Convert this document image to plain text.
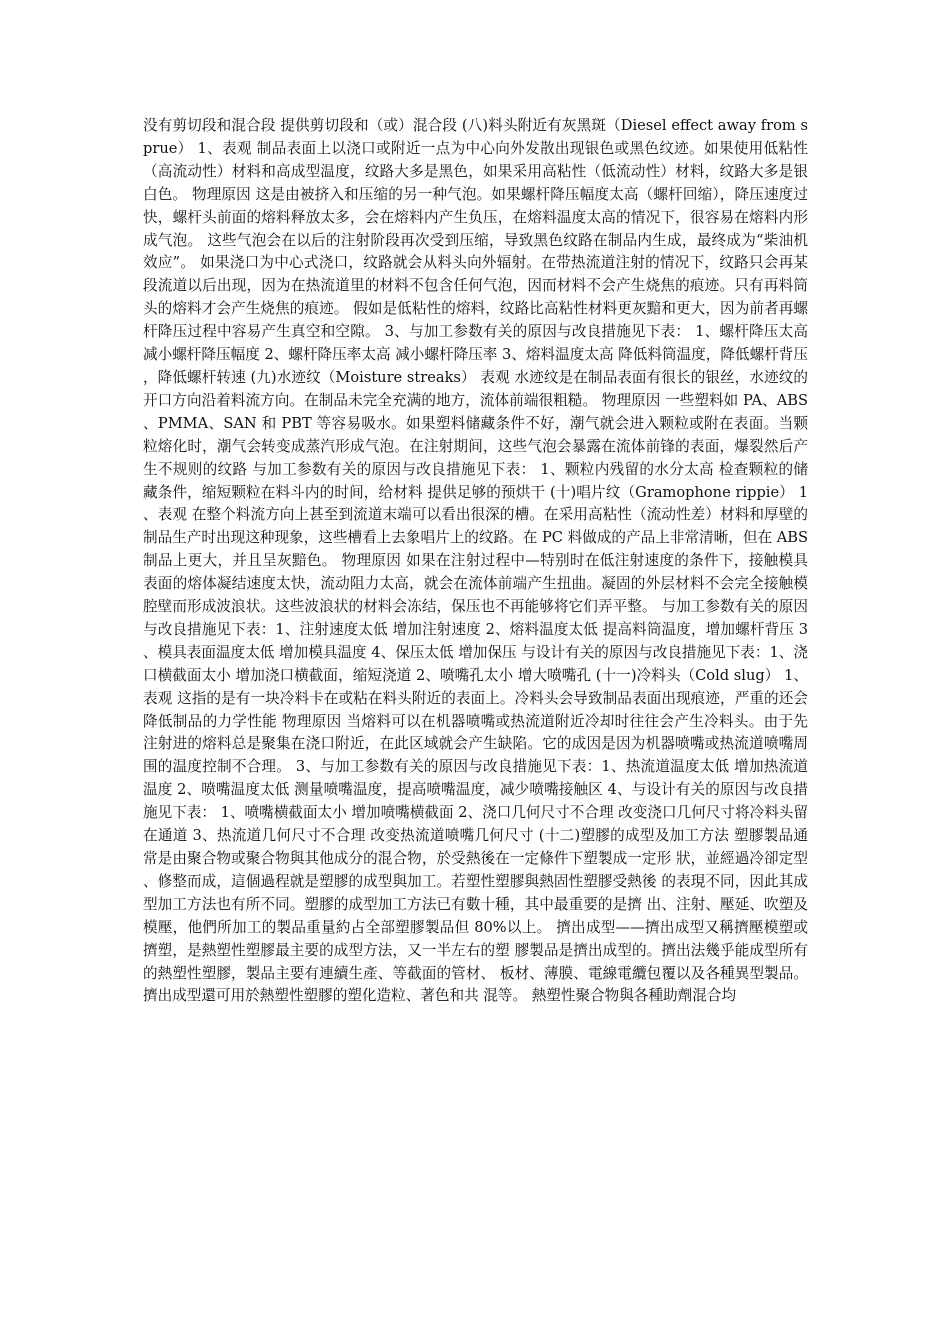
没有剪切段和混合段 提供剪切段和（或）混合段 (八)料头附近有灰黑斑（Diesel effect away from sprue） 1、表观 制品表面上以浇口或附近一点为中心向外发散出现银色或黑色纹迹。如果使用低粘性（高流动性）材料和高成型温度，纹路大多是黑色，如果采用高粘性（低流动性）材料，纹路大多是银白色。 物理原因 这是由被挤入和压缩的另一种气泡。如果螺杆降压幅度太高（螺杆回缩），降压速度过快，螺杆头前面的熔料释放太多，会在熔料内产生负压，在熔料温度太高的情况下，很容易在熔料内形成气泡。 这些气泡会在以后的注射阶段再次受到压缩，导致黑色纹路在制品内生成，最终成为“柴油机效应”。 如果浇口为中心式浇口，纹路就会从料头向外辐射。在带热流道注射的情况下，纹路只会再某段流道以后出现，因为在热流道里的材料不包含任何气泡，因而材料不会产生烧焦的痕迹。只有再料筒头的熔料才会产生烧焦的痕迹。 假如是低粘性的熔料，纹路比高粘性材料更灰黯和更大，因为前者再螺杆降压过程中容易产生真空和空隙。 3、与加工参数有关的原因与改良措施见下表： 1、螺杆降压太高 减小螺杆降压幅度 2、螺杆降压率太高 减小螺杆降压率 3、熔料温度太高 降低料筒温度，降低螺杆背压，降低螺杆转速 (九)水迹纹（Moisture streaks） 表观 水迹纹是在制品表面有很长的银丝，水迹纹的开口方向沿着料流方向。在制品未完全充满的地方，流体前端很粗糙。 物理原因 一些塑料如 PA、ABS、PMMA、SAN 和 PBT 等容易吸水。如果塑料储藏条件不好，潮气就会进入颗粒或附在表面。当颗粒熔化时，潮气会转变成蒸汽形成气泡。在注射期间，这些气泡会暴露在流体前锋的表面，爆裂然后产生不规则的纹路 与加工参数有关的原因与改良措施见下表： 1、颗粒内残留的水分太高 检查颗粒的储藏条件，缩短颗粒在料斗内的时间，给材料 提供足够的预烘干 (十)唱片纹（Gramophone rippie） 1、表观 在整个料流方向上甚至到流道末端可以看出很深的槽。在采用高粘性（流动性差）材料和厚壁的制品生产时出现这种现象，这些槽看上去象唱片上的纹路。在 PC 料做成的产品上非常清晰，但在 ABS 制品上更大，并且呈灰黯色。 物理原因 如果在注射过程中—特别时在低注射速度的条件下，接触模具表面的熔体凝结速度太快，流动阻力太高，就会在流体前端产生扭曲。凝固的外层材料不会完全接触模腔壁而形成波浪状。这些波浪状的材料会冻结，保压也不再能够将它们弄平整。 与加工参数有关的原因与改良措施见下表：1、注射速度太低 增加注射速度 2、熔料温度太低 提高料筒温度，增加螺杆背压 3、模具表面温度太低 增加模具温度 4、保压太低 增加保压 与设计有关的原因与改良措施见下表：1、浇口横截面太小 增加浇口横截面，缩短浇道 2、喷嘴孔太小 增大喷嘴孔 (十一)冷料头（Cold slug） 1、表观 这指的是有一块冷料卡在或粘在料头附近的表面上。冷料头会导致制品表面出现痕迹，严重的还会降低制品的力学性能 物理原因 当熔料可以在机器喷嘴或热流道附近冷却时往往会产生冷料头。由于先注射进的熔料总是聚集在浇口附近，在此区域就会产生缺陷。它的成因是因为机器喷嘴或热流道喷嘴周围的温度控制不合理。 3、与加工参数有关的原因与改良措施见下表：1、热流道温度太低 增加热流道温度 2、喷嘴温度太低 测量喷嘴温度，提高喷嘴温度，减少喷嘴接触区 4、与设计有关的原因与改良措施见下表： 1、喷嘴横截面太小 增加喷嘴横截面 2、浇口几何尺寸不合理 改变浇口几何尺寸将冷料头留在通道 3、热流道几何尺寸不合理 改变热流道喷嘴几何尺寸 (十二)塑膠的成型及加工方法 塑膠製品通常是由聚合物或聚合物與其他成分的混合物，於受熱後在一定條件下塑製成一定形 狀，並經過冷卻定型、修整而成，這個過程就是塑膠的成型與加工。若塑性塑膠與熱固性塑膠受熱後 的表現不同，因此其成型加工方法也有所不同。塑膠的成型加工方法已有數十種，其中最重要的是擠 出、注射、壓延、吹塑及模壓，他們所加工的製品重量約占全部塑膠製品但 80%以上。 擠出成型——擠出成型又稱擠壓模塑或擠塑，是熱塑性塑膠最主要的成型方法，又一半左右的塑 膠製品是擠出成型的。擠出法幾乎能成型所有的熱塑性塑膠，製品主要有連續生產、等截面的管材、 板材、薄膜、電線電纜包覆以及各種異型製品。擠出成型還可用於熱塑性塑膠的塑化造粒、著色和共 混等。 熱塑性聚合物與各種助劑混合均
